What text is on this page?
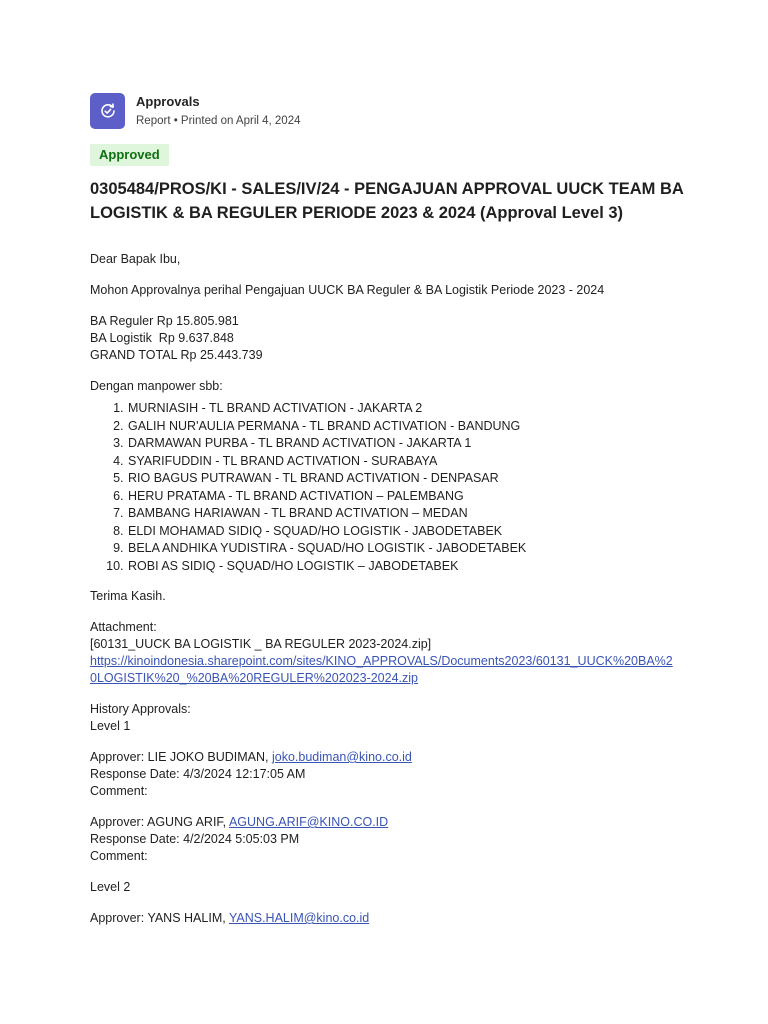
Approvals
Report • Printed on April 4, 2024
Approved
0305484/PROS/KI - SALES/IV/24 - PENGAJUAN APPROVAL UUCK TEAM BA LOGISTIK & BA REGULER PERIODE 2023 & 2024 (Approval Level 3)

Dear Bapak Ibu,

Mohon Approvalnya perihal Pengajuan UUCK BA Reguler & BA Logistik Periode 2023 - 2024

BA Reguler Rp 15.805.981

BA Logistik  Rp 9.637.848

GRAND TOTAL Rp 25.443.739

Dengan manpower sbb:

1. MURNIASIH - TL BRAND ACTIVATION - JAKARTA 2
2. GALIH NUR'AULIA PERMANA - TL BRAND ACTIVATION - BANDUNG
3. DARMAWAN PURBA - TL BRAND ACTIVATION - JAKARTA 1
4. SYARIFUDDIN - TL BRAND ACTIVATION - SURABAYA
5. RIO BAGUS PUTRAWAN - TL BRAND ACTIVATION - DENPASAR
6. HERU PRATAMA - TL BRAND ACTIVATION – PALEMBANG
7. BAMBANG HARIAWAN - TL BRAND ACTIVATION – MEDAN
8. ELDI MOHAMAD SIDIQ - SQUAD/HO LOGISTIK - JABODETABEK
9. BELA ANDHIKA YUDISTIRA - SQUAD/HO LOGISTIK - JABODETABEK
10. ROBI AS SIDIQ - SQUAD/HO LOGISTIK – JABODETABEK

Terima Kasih.

Attachment:

[60131_UUCK BA LOGISTIK _ BA REGULER 2023-2024.zip]

https://kinoindonesia.sharepoint.com/sites/KINO_APPROVALS/Documents2023/60131_UUCK%20BA%20LOGISTIK%20_%20BA%20REGULER%202023-2024.zip

History Approvals:

Level 1

Approver: LIE JOKO BUDIMAN, joko.budiman@kino.co.id

Response Date: 4/3/2024 12:17:05 AM

Comment:

Approver: AGUNG ARIF, AGUNG.ARIF@KINO.CO.ID

Response Date: 4/2/2024 5:05:03 PM

Comment:

Level 2

Approver: YANS HALIM, YANS.HALIM@kino.co.id
